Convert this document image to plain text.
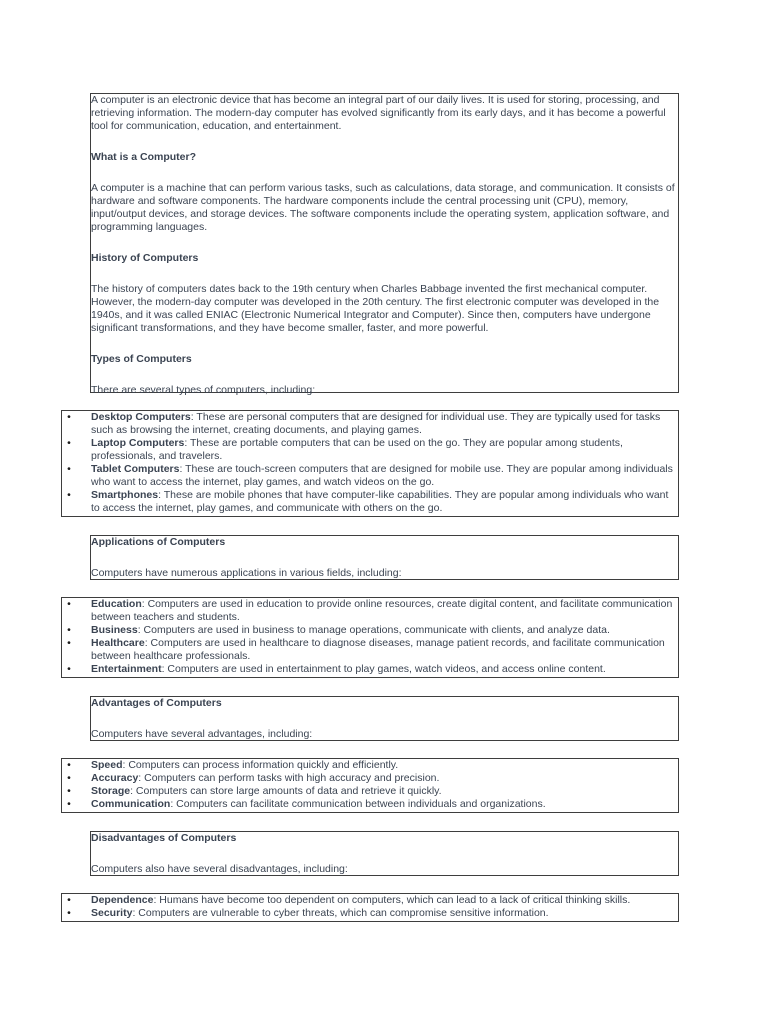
A computer is an electronic device that has become an integral part of our daily lives. It is used for storing, processing, and retrieving information. The modern-day computer has evolved significantly from its early days, and it has become a powerful tool for communication, education, and entertainment.

What is a Computer?

A computer is a machine that can perform various tasks, such as calculations, data storage, and communication. It consists of hardware and software components. The hardware components include the central processing unit (CPU), memory, input/output devices, and storage devices. The software components include the operating system, application software, and programming languages.

History of Computers

The history of computers dates back to the 19th century when Charles Babbage invented the first mechanical computer. However, the modern-day computer was developed in the 20th century. The first electronic computer was developed in the 1940s, and it was called ENIAC (Electronic Numerical Integrator and Computer). Since then, computers have undergone significant transformations, and they have become smaller, faster, and more powerful.

Types of Computers

There are several types of computers, including:

• Desktop Computers: These are personal computers that are designed for individual use. They are typically used for tasks such as browsing the internet, creating documents, and playing games.
• Laptop Computers: These are portable computers that can be used on the go. They are popular among students, professionals, and travelers.
• Tablet Computers: These are touch-screen computers that are designed for mobile use. They are popular among individuals who want to access the internet, play games, and watch videos on the go.
• Smartphones: These are mobile phones that have computer-like capabilities. They are popular among individuals who want to access the internet, play games, and communicate with others on the go.

Applications of Computers

Computers have numerous applications in various fields, including:

• Education: Computers are used in education to provide online resources, create digital content, and facilitate communication between teachers and students.
• Business: Computers are used in business to manage operations, communicate with clients, and analyze data.
• Healthcare: Computers are used in healthcare to diagnose diseases, manage patient records, and facilitate communication between healthcare professionals.
• Entertainment: Computers are used in entertainment to play games, watch videos, and access online content.

Advantages of Computers

Computers have several advantages, including:

• Speed: Computers can process information quickly and efficiently.
• Accuracy: Computers can perform tasks with high accuracy and precision.
• Storage: Computers can store large amounts of data and retrieve it quickly.
• Communication: Computers can facilitate communication between individuals and organizations.

Disadvantages of Computers

Computers also have several disadvantages, including:

• Dependence: Humans have become too dependent on computers, which can lead to a lack of critical thinking skills.
• Security: Computers are vulnerable to cyber threats, which can compromise sensitive information.
